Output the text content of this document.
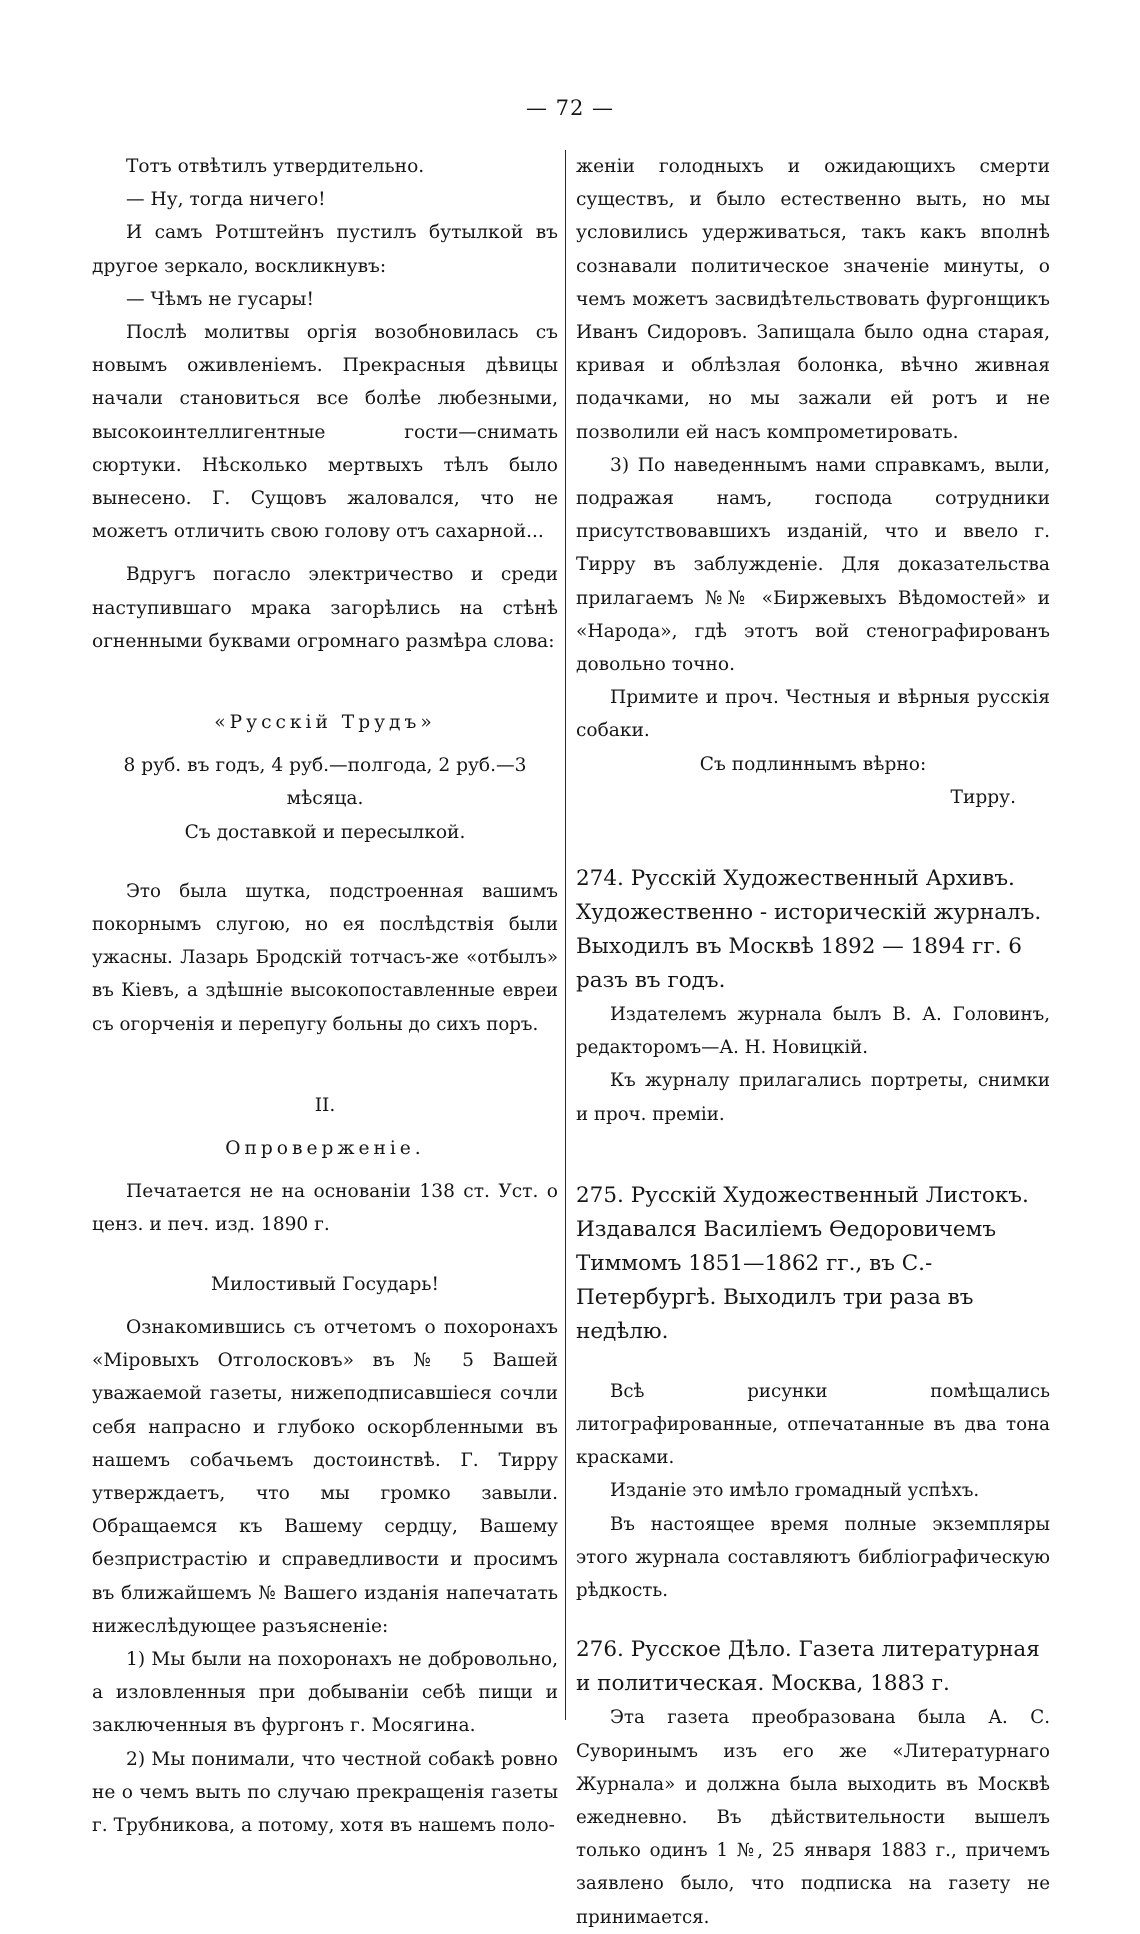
— 72 —

Тотъ отвѣтилъ утвердительно.

— Ну, тогда ничего!

И самъ Ротштейнъ пустилъ бутылкой въ другое зеркало, воскликнувъ:

— Чѣмъ не гусары!

Послѣ молитвы оргія возобновилась съ новымъ оживленіемъ. Прекрасныя дѣвицы начали становиться все болѣе любезными, высокоинтеллигентные гости—снимать сюртуки. Нѣсколько мертвыхъ тѣлъ было вынесено. Г. Сущовъ жаловался, что не можетъ отличить свою голову отъ сахарной...

Вдругъ погасло электричество и среди наступившаго мрака загорѣлись на стѣнѣ огненными буквами огромнаго размѣра слова:

«Русскій Трудъ»

8 руб. въ годъ, 4 руб.—полгода, 2 руб.—3 мѣсяца.

Съ доставкой и пересылкой.

Это была шутка, подстроенная вашимъ покорнымъ слугою, но ея послѣдствія были ужасны. Лазарь Бродскій тотчасъ-же «отбылъ» въ Кіевъ, а здѣшніе высокопоставленные евреи съ огорченія и перепугу больны до сихъ поръ.

II.

Опроверженіе.

Печатается не на основаніи 138 ст. Уст. о ценз. и печ. изд. 1890 г.

Милостивый Государь!

Ознакомившись съ отчетомъ о похоронахъ «Міровыхъ Отголосковъ» въ № 5 Вашей уважаемой газеты, нижеподписавшіеся сочли себя напрасно и глубоко оскорбленными въ нашемъ собачьемъ достоинствѣ. Г. Тирру утверждаетъ, что мы громко завыли. Обращаемся къ Вашему сердцу, Вашему безпристрастію и справедливости и просимъ въ ближайшемъ № Вашего изданія напечатать нижеслѣдующее разъясненіе:

1) Мы были на похоронахъ не добровольно, а изловленныя при добываніи себѣ пищи и заключенныя въ фургонъ г. Мосягина.

2) Мы понимали, что честной собакѣ ровно не о чемъ выть по случаю прекращенія газеты г. Трубникова, а потому, хотя въ нашемъ поло-

женіи голодныхъ и ожидающихъ смерти существъ, и было естественно выть, но мы условились удерживаться, такъ какъ вполнѣ сознавали политическое значеніе минуты, о чемъ можетъ засвидѣтельствовать фургонщикъ Иванъ Сидоровъ. Запищала было одна старая, кривая и облѣзлая болонка, вѣчно живная подачками, но мы зажали ей ротъ и не позволили ей насъ компрометировать.

3) По наведеннымъ нами справкамъ, выли, подражая намъ, господа сотрудники присутствовавшихъ изданій, что и ввело г. Тирру въ заблужденіе. Для доказательства прилагаемъ №№ «Биржевыхъ Вѣдомостей» и «Народа», гдѣ этотъ вой стенографированъ довольно точно.

Примите и проч. Честныя и вѣрныя русскія собаки.

Съ подлиннымъ вѣрно:

Тирру.

274. Русскій Художественный Архивъ. Художественно - историческій журналъ. Выходилъ въ Москвѣ 1892 — 1894 гг. 6 разъ въ годъ.

Издателемъ журнала былъ В. А. Головинъ, редакторомъ—А. Н. Новицкій.

Къ журналу прилагались портреты, снимки и проч. преміи.

275. Русскій Художественный Листокъ. Издавался Василіемъ Ѳедоровичемъ Тиммомъ 1851—1862 гг., въ С.-Петербургѣ. Выходилъ три раза въ недѣлю.

Всѣ рисунки помѣщались литографированные, отпечатанные въ два тона красками.

Изданіе это имѣло громадный успѣхъ.

Въ настоящее время полные экземпляры этого журнала составляютъ библіографическую рѣдкость.

276. Русское Дѣло. Газета литературная и политическая. Москва, 1883 г.

Эта газета преобразована была А. С. Суворинымъ изъ его же «Литературнаго Журнала» и должна была выходить въ Москвѣ ежедневно. Въ дѣйствительности вышелъ только одинъ 1 №, 25 января 1883 г., причемъ заявлено было, что подписка на газету не принимается.
